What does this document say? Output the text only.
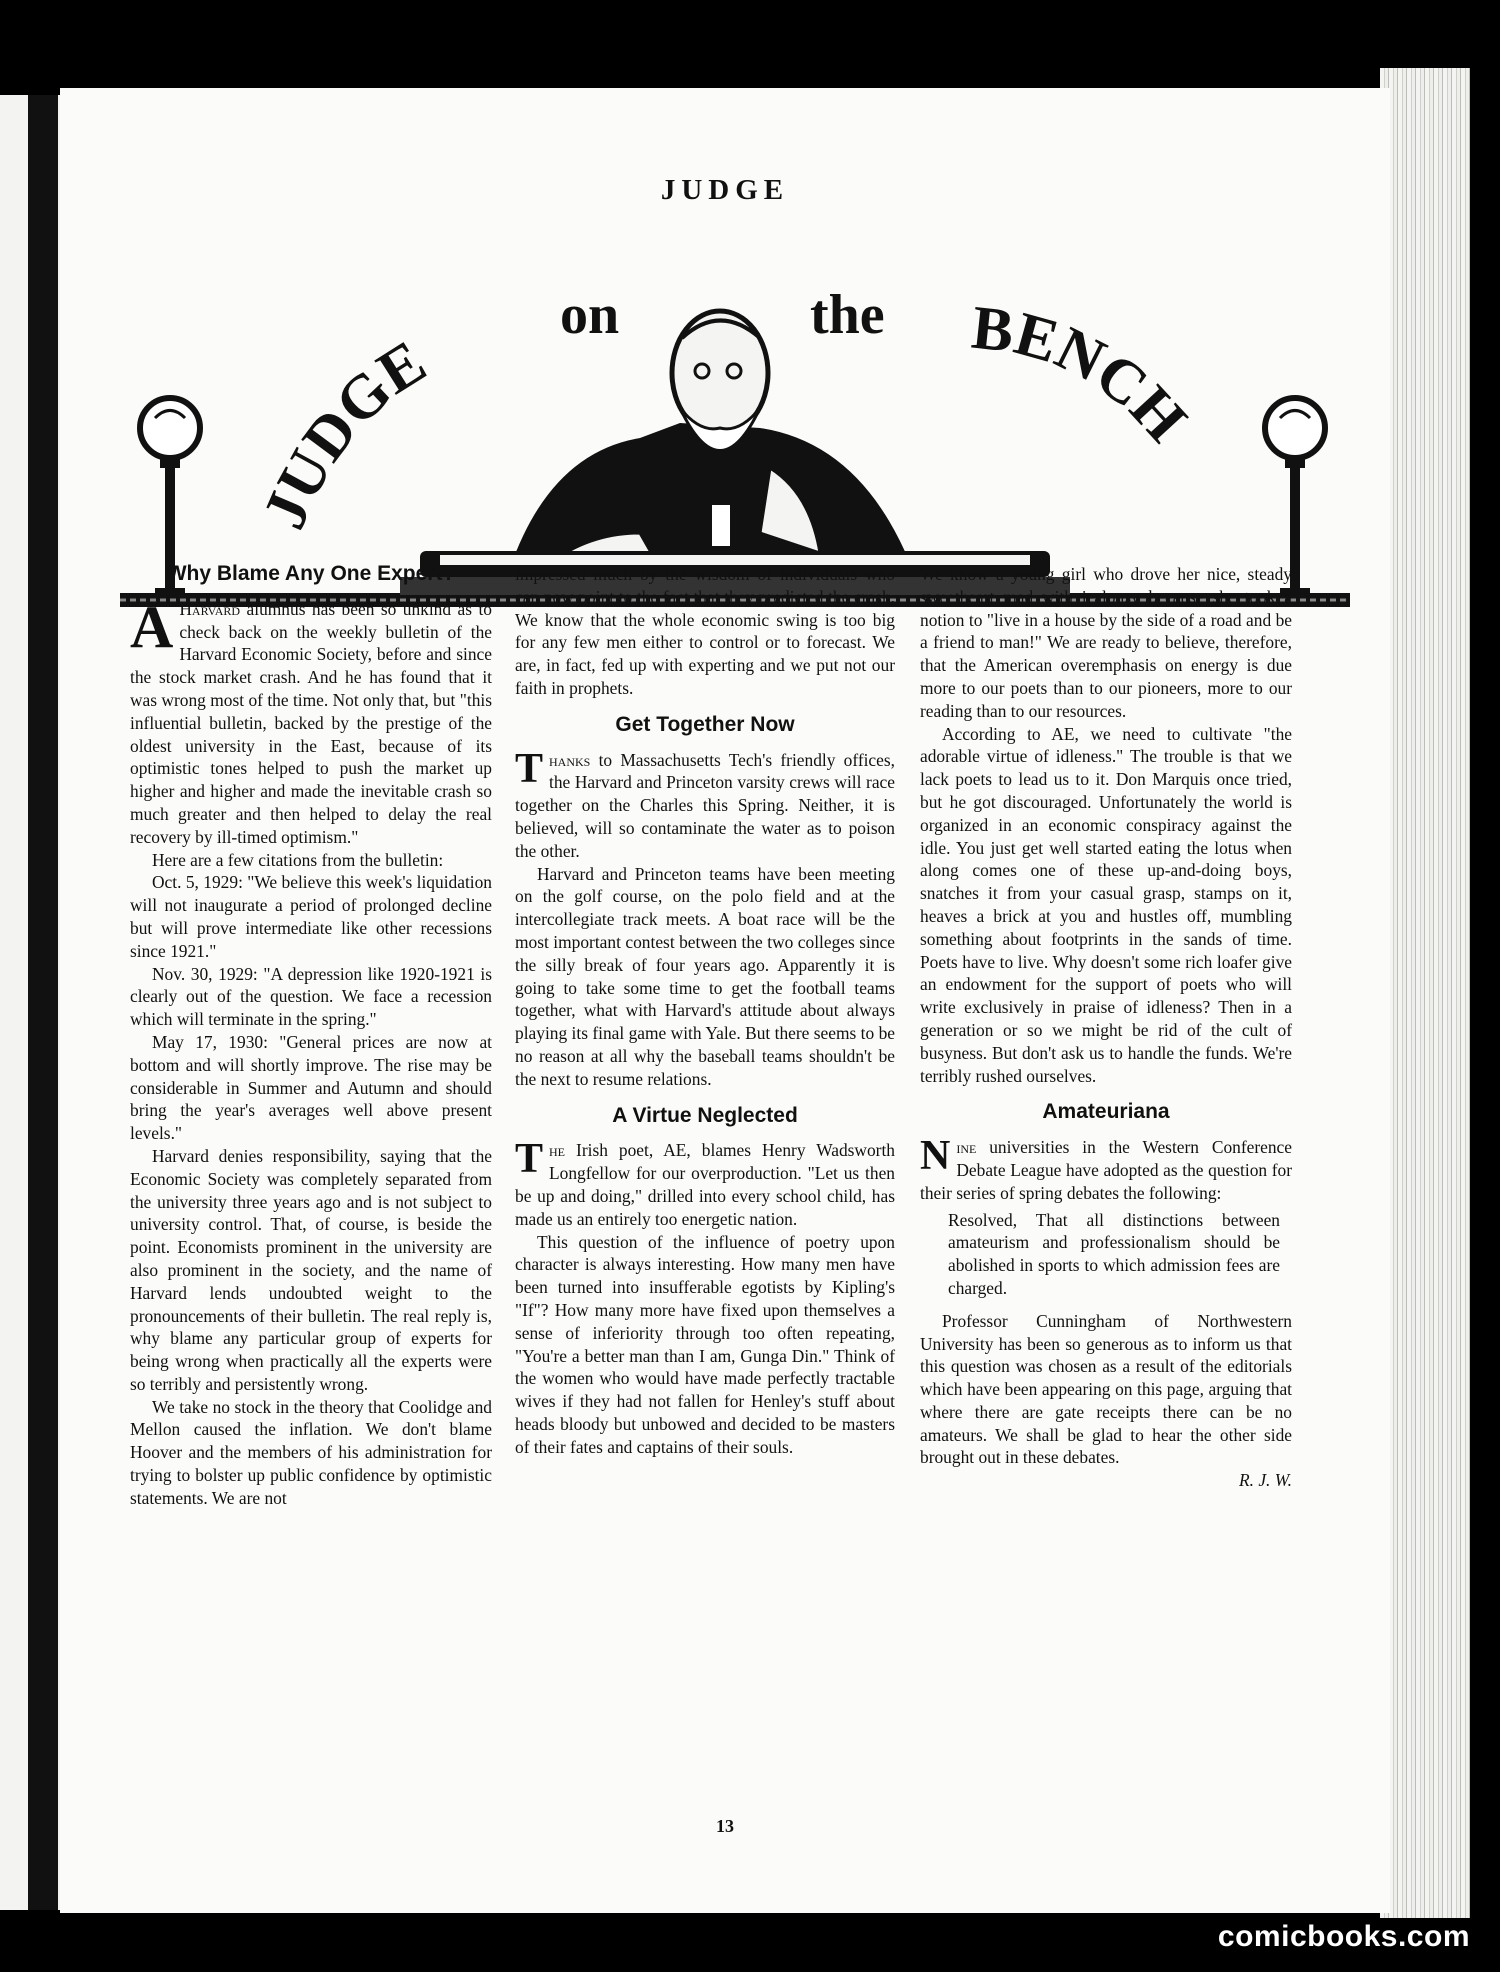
JUDGE
JUDGE
on	the BENCH
Why Blame Any One Expert?

A Harvard alumnus has been so unkind as to check back on the weekly bulletin of the Harvard Economic Society, before and since the stock market crash. And he has found that it was wrong most of the time. Not only that, but "this influential bulletin, backed by the prestige of the oldest university in the East, because of its optimistic tones helped to push the market up higher and higher and made the inevitable crash so much greater and then helped to delay the real recovery by ill-timed optimism."

Here are a few citations from the bulletin:

Oct. 5, 1929: "We believe this week's liquidation will not inaugurate a period of prolonged decline but will prove intermediate like other recessions since 1921."

Nov. 30, 1929: "A depression like 1920-1921 is clearly out of the question. We face a recession which will terminate in the spring."

May 17, 1930: "General prices are now at bottom and will shortly improve. The rise may be considerable in Summer and Autumn and should bring the year's averages well above present levels."

Harvard denies responsibility, saying that the Economic Society was completely separated from the university three years ago and is not subject to university control. That, of course, is beside the point. Economists prominent in the university are also prominent in the society, and the name of Harvard lends undoubted weight to the pronouncements of their bulletin. The real reply is, why blame any particular group of experts for being wrong when practically all the experts were so terribly and persistently wrong.

We take no stock in the theory that Coolidge and Mellon caused the inflation. We don't blame Hoover and the members of his administration for trying to bolster up public confidence by optimistic statements. We are not

impressed much by the wisdom of individuals who can now point to the fact that they predicted the crash. We know that the whole economic swing is too big for any few men either to control or to forecast. We are, in fact, fed up with experting and we put not our faith in prophets.

Get Together Now

Thanks to Massachusetts Tech's friendly offices, the Harvard and Princeton varsity crews will race together on the Charles this Spring. Neither, it is believed, will so contaminate the water as to poison the other.

Harvard and Princeton teams have been meeting on the golf course, on the polo field and at the intercollegiate track meets. A boat race will be the most important contest between the two colleges since the silly break of four years ago. Apparently it is going to take some time to get the football teams together, what with Harvard's attitude about always playing its final game with Yale. But there seems to be no reason at all why the baseball teams shouldn't be the next to resume relations.

A Virtue Neglected

The Irish poet, AE, blames Henry Wadsworth Longfellow for our overproduction. "Let us then be up and doing," drilled into every school child, has made us an entirely too energetic nation.

This question of the influence of poetry upon character is always interesting. How many men have been turned into insufferable egotists by Kipling's "If"? How many more have fixed upon themselves a sense of inferiority through too often repeating, "You're a better man than I am, Gunga Din." Think of the women who would have made perfectly tractable wives if they had not fallen for Henley's stuff about heads bloody but unbowed and decided to be masters of their fates and captains of their souls.

We know a young girl who drove her nice, steady sweetheart mad with jealousy because she took a notion to "live in a house by the side of a road and be a friend to man!" We are ready to believe, therefore, that the American overemphasis on energy is due more to our poets than to our pioneers, more to our reading than to our resources.

According to AE, we need to cultivate "the adorable virtue of idleness." The trouble is that we lack poets to lead us to it. Don Marquis once tried, but he got discouraged. Unfortunately the world is organized in an economic conspiracy against the idle. You just get well started eating the lotus when along comes one of these up-and-doing boys, snatches it from your casual grasp, stamps on it, heaves a brick at you and hustles off, mumbling something about footprints in the sands of time. Poets have to live. Why doesn't some rich loafer give an endowment for the support of poets who will write exclusively in praise of idleness? Then in a generation or so we might be rid of the cult of busyness. But don't ask us to handle the funds. We're terribly rushed ourselves.

Amateuriana

Nine universities in the Western Conference Debate League have adopted as the question for their series of spring debates the following:

Resolved, That all distinctions between amateurism and professionalism should be abolished in sports to which admission fees are charged.

Professor Cunningham of Northwestern University has been so generous as to inform us that this question was chosen as a result of the editorials which have been appearing on this page, arguing that where there are gate receipts there can be no amateurs. We shall be glad to hear the other side brought out in these debates.

R. J. W.

13
comicbooks.com
